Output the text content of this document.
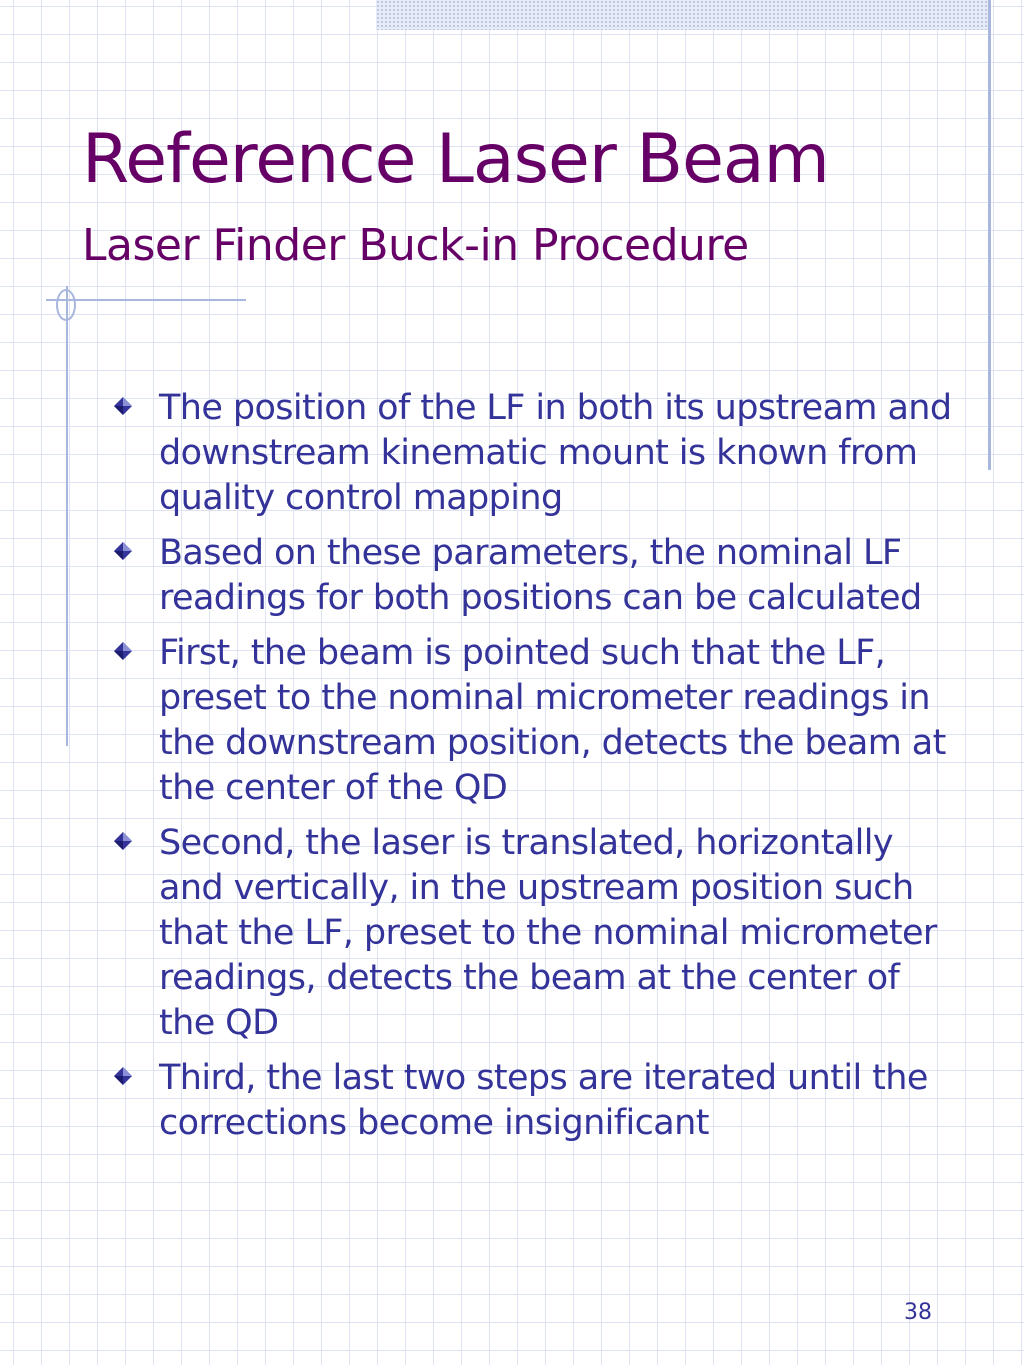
Reference Laser Beam
Laser Finder Buck-in Procedure
The position of the LF in both its upstream and downstream kinematic mount is known from quality control mapping
Based on these parameters, the nominal LF readings for both positions can be calculated
First, the beam is pointed such that the LF, preset to the nominal micrometer readings in the downstream position, detects the beam at the center of the QD
Second, the laser is translated, horizontally and vertically, in the upstream position such that the LF, preset to the nominal micrometer readings, detects the beam at the center of the QD
Third, the last two steps are iterated until the corrections become insignificant
38
